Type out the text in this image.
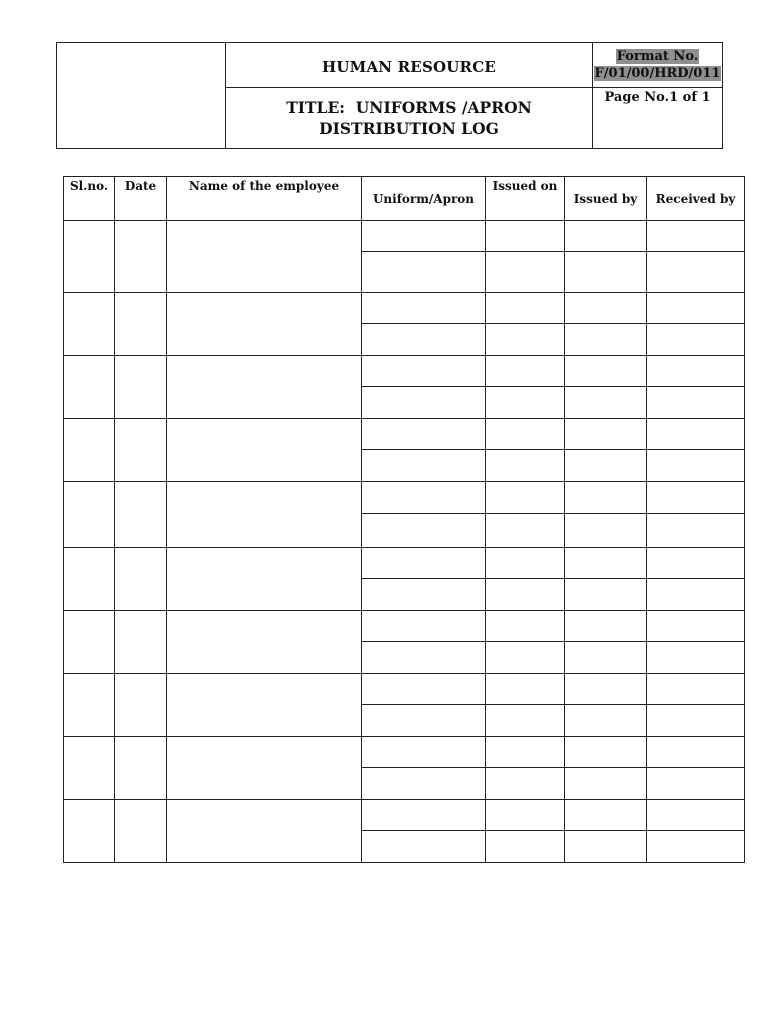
	HUMAN RESOURCE	Format No.
F/01/00/HRD/011

	TITLE:  UNIFORMS /APRON
DISTRIBUTION LOG	Page No.1 of 1
Sl.no.	Date	Name of the employee	Uniform/Apron	Issued on	Issued by	Received by
